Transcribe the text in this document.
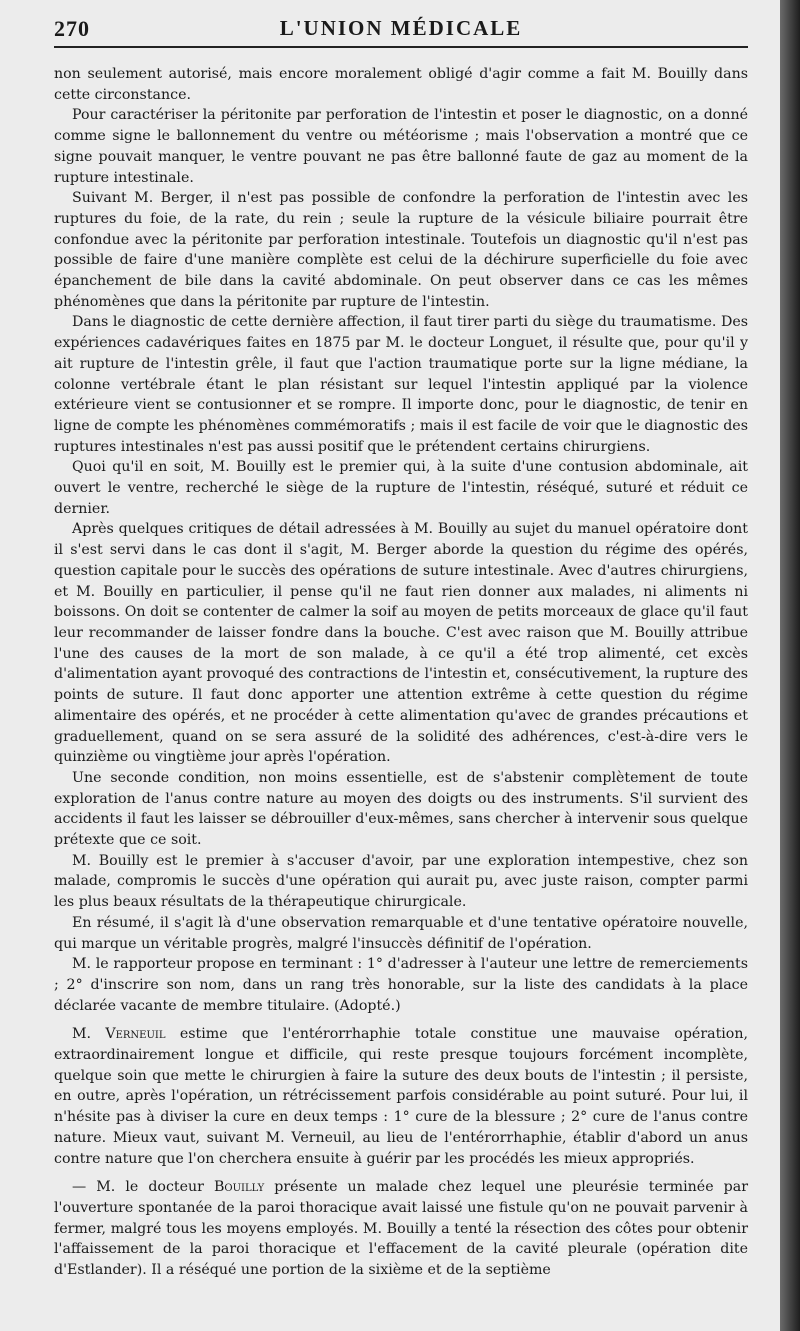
270	L'UNION MÉDICALE

non seulement autorisé, mais encore moralement obligé d'agir comme a fait M. Bouilly dans cette circonstance.

Pour caractériser la péritonite par perforation de l'intestin et poser le diagnostic, on a donné comme signe le ballonnement du ventre ou météorisme ; mais l'observation a montré que ce signe pouvait manquer, le ventre pouvant ne pas être ballonné faute de gaz au moment de la rupture intestinale.

Suivant M. Berger, il n'est pas possible de confondre la perforation de l'intestin avec les ruptures du foie, de la rate, du rein ; seule la rupture de la vésicule biliaire pourrait être confondue avec la péritonite par perforation intestinale. Toutefois un diagnostic qu'il n'est pas possible de faire d'une manière complète est celui de la déchirure superficielle du foie avec épanchement de bile dans la cavité abdominale. On peut observer dans ce cas les mêmes phénomènes que dans la péritonite par rupture de l'intestin.

Dans le diagnostic de cette dernière affection, il faut tirer parti du siège du traumatisme. Des expériences cadavériques faites en 1875 par M. le docteur Longuet, il résulte que, pour qu'il y ait rupture de l'intestin grêle, il faut que l'action traumatique porte sur la ligne médiane, la colonne vertébrale étant le plan résistant sur lequel l'intestin appliqué par la violence extérieure vient se contusionner et se rompre. Il importe donc, pour le diagnostic, de tenir en ligne de compte les phénomènes commémoratifs ; mais il est facile de voir que le diagnostic des ruptures intestinales n'est pas aussi positif que le prétendent certains chirurgiens.

Quoi qu'il en soit, M. Bouilly est le premier qui, à la suite d'une contusion abdominale, ait ouvert le ventre, recherché le siège de la rupture de l'intestin, réséqué, suturé et réduit ce dernier.

Après quelques critiques de détail adressées à M. Bouilly au sujet du manuel opératoire dont il s'est servi dans le cas dont il s'agit, M. Berger aborde la question du régime des opérés, question capitale pour le succès des opérations de suture intestinale. Avec d'autres chirurgiens, et M. Bouilly en particulier, il pense qu'il ne faut rien donner aux malades, ni aliments ni boissons. On doit se contenter de calmer la soif au moyen de petits morceaux de glace qu'il faut leur recommander de laisser fondre dans la bouche. C'est avec raison que M. Bouilly attribue l'une des causes de la mort de son malade, à ce qu'il a été trop alimenté, cet excès d'alimentation ayant provoqué des contractions de l'intestin et, consécutivement, la rupture des points de suture. Il faut donc apporter une attention extrême à cette question du régime alimentaire des opérés, et ne procéder à cette alimentation qu'avec de grandes précautions et graduellement, quand on se sera assuré de la solidité des adhérences, c'est-à-dire vers le quinzième ou vingtième jour après l'opération.

Une seconde condition, non moins essentielle, est de s'abstenir complètement de toute exploration de l'anus contre nature au moyen des doigts ou des instruments. S'il survient des accidents il faut les laisser se débrouiller d'eux-mêmes, sans chercher à intervenir sous quelque prétexte que ce soit.

M. Bouilly est le premier à s'accuser d'avoir, par une exploration intempestive, chez son malade, compromis le succès d'une opération qui aurait pu, avec juste raison, compter parmi les plus beaux résultats de la thérapeutique chirurgicale.

En résumé, il s'agit là d'une observation remarquable et d'une tentative opératoire nouvelle, qui marque un véritable progrès, malgré l'insuccès définitif de l'opération.

M. le rapporteur propose en terminant : 1° d'adresser à l'auteur une lettre de remerciements ; 2° d'inscrire son nom, dans un rang très honorable, sur la liste des candidats à la place déclarée vacante de membre titulaire. (Adopté.)

M. Verneuil estime que l'entérorrhaphie totale constitue une mauvaise opération, extraordinairement longue et difficile, qui reste presque toujours forcément incomplète, quelque soin que mette le chirurgien à faire la suture des deux bouts de l'intestin ; il persiste, en outre, après l'opération, un rétrécissement parfois considérable au point suturé. Pour lui, il n'hésite pas à diviser la cure en deux temps : 1° cure de la blessure ; 2° cure de l'anus contre nature. Mieux vaut, suivant M. Verneuil, au lieu de l'entérorrhaphie, établir d'abord un anus contre nature que l'on cherchera ensuite à guérir par les procédés les mieux appropriés.

— M. le docteur Bouilly présente un malade chez lequel une pleurésie terminée par l'ouverture spontanée de la paroi thoracique avait laissé une fistule qu'on ne pouvait parvenir à fermer, malgré tous les moyens employés. M. Bouilly a tenté la résection des côtes pour obtenir l'affaissement de la paroi thoracique et l'effacement de la cavité pleurale (opération dite d'Estlander). Il a réséqué une portion de la sixième et de la septième
